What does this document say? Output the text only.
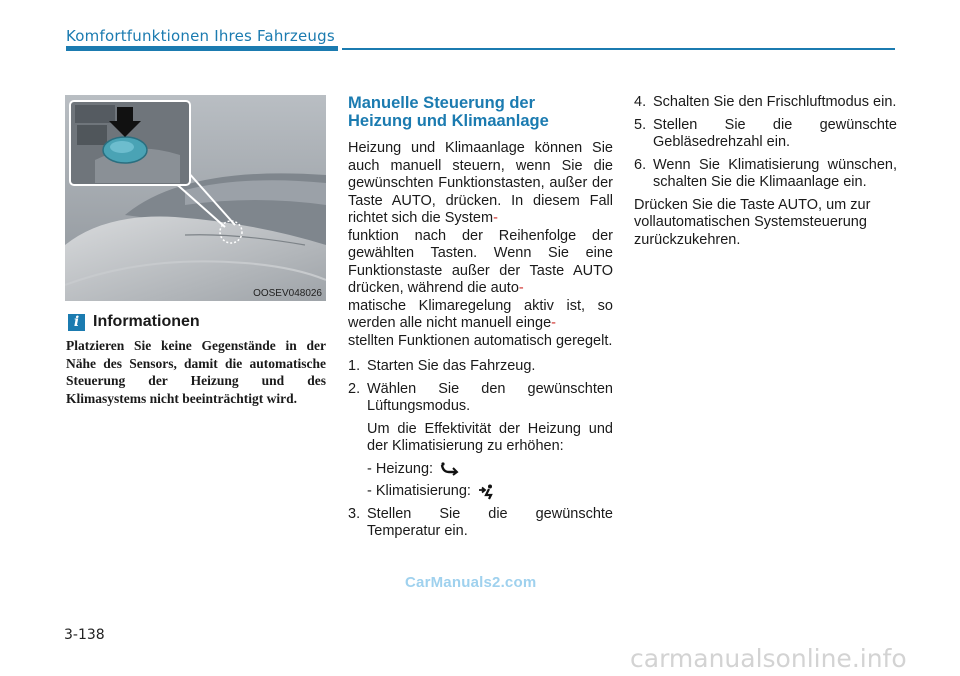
Komfortfunktionen Ihres Fahrzeugs
OOSEV048026
i Informationen
Platzieren Sie keine Gegenstände in der Nähe des Sensors, damit die automatische Steuerung der Heizung und des Klimasystems nicht beeinträchtigt wird.
Manuelle Steuerung der
Heizung und Klimaanlage

Heizung und Klimaanlage können Sie auch manuell steuern, wenn Sie die gewünschten Funktionstasten, außer der Taste AUTO, drücken. In diesem Fall richtet sich die System-
funktion nach der Reihenfolge der gewählten Tasten. Wenn Sie eine Funktionstaste außer der Taste AUTO drücken, während die auto-
matische Klimaregelung aktiv ist, so werden alle nicht manuell einge-
stellten Funktionen automatisch geregelt.

1. Starten Sie das Fahrzeug.
2. Wählen Sie den gewünschten Lüftungsmodus.
Um die Effektivität der Heizung und der Klimatisierung zu erhöhen:
- Heizung:
- Klimatisierung:
3. Stellen Sie die gewünschte Temperatur ein.
4. Schalten Sie den Frischluftmodus ein.
5. Stellen Sie die gewünschte Gebläsedrehzahl ein.
6. Wenn Sie Klimatisierung wünschen, schalten Sie die Klimaanlage ein.

Drücken Sie die Taste AUTO, um zur vollautomatischen Systemsteuerung zurückzukehren.

CarManuals2.com
3-138
carmanualsonline.info
